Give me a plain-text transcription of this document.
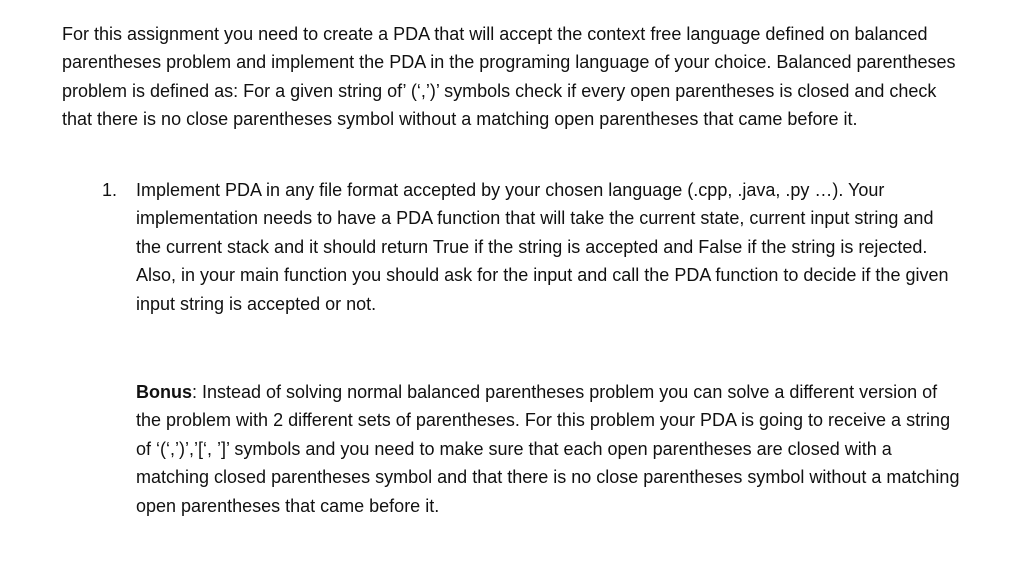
For this assignment you need to create a PDA that will accept the context free language defined on balanced parentheses problem and implement the PDA in the programing language of your choice. Balanced parentheses problem is defined as: For a given string of’ (‘,’)’ symbols check if every open parentheses is closed and check that there is no close parentheses symbol without a matching open parentheses that came before it.

1.	Implement PDA in any file format accepted by your chosen language (.cpp, .java, .py …). Your implementation needs to have a PDA function that will take the current state, current input string and the current stack and it should return True if the string is accepted and False if the string is rejected. Also, in your main function you should ask for the input and call the PDA function to decide if the given input string is accepted or not.

Bonus: Instead of solving normal balanced parentheses problem you can solve a different version of the problem with 2 different sets of parentheses. For this problem your PDA is going to receive a string of ‘(‘,’)’,’[‘, ’]’ symbols and you need to make sure that each open parentheses are closed with a matching closed parentheses symbol and that there is no close parentheses symbol without a matching open parentheses that came before it.
